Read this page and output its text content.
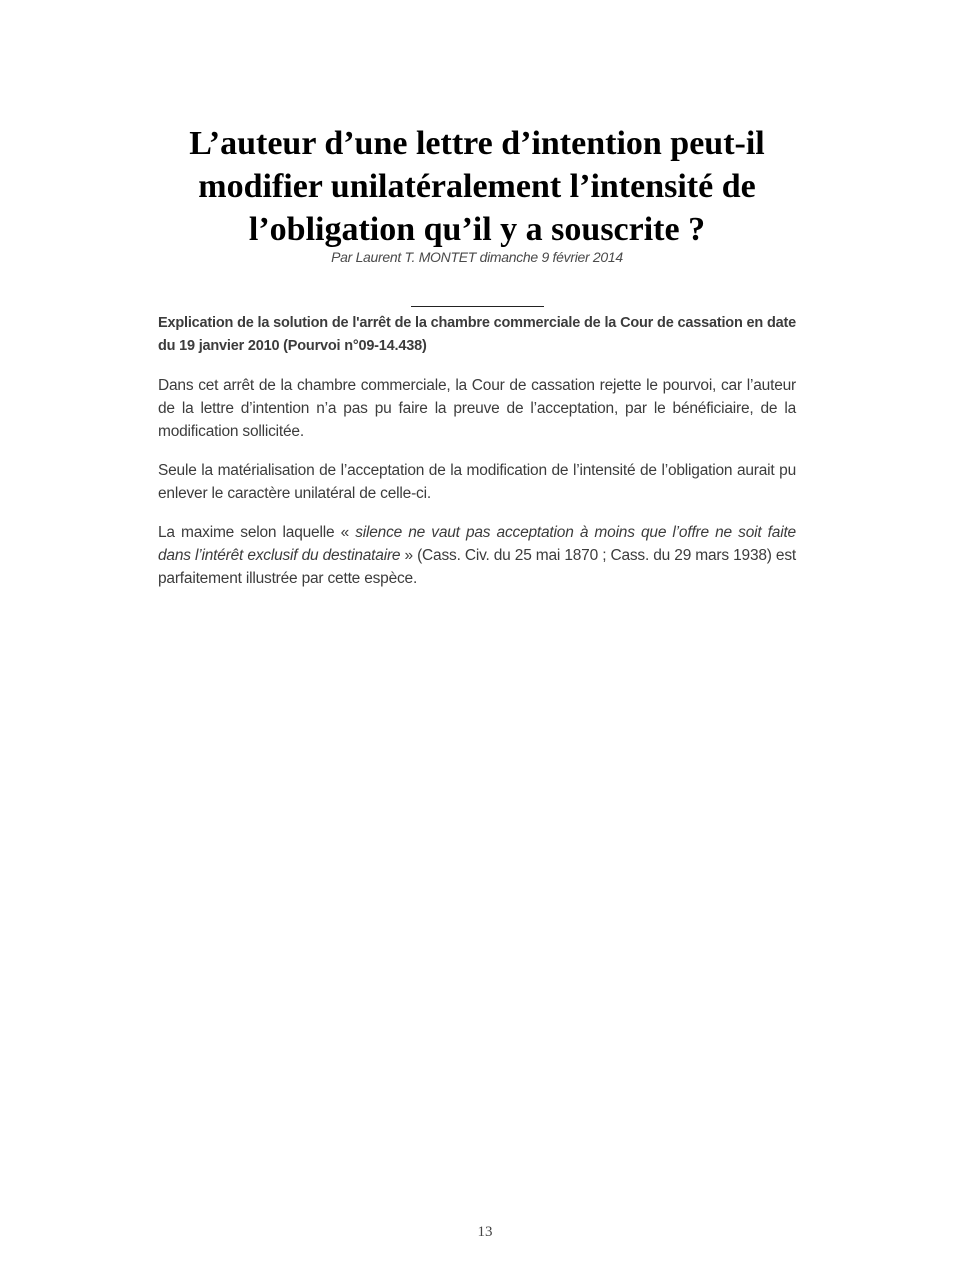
L’auteur d’une lettre d’intention peut-il modifier unilatéralement l’intensité de l’obligation qu’il y a souscrite ?

Par Laurent T. MONTET dimanche 9 février 2014

Explication de la solution de l'arrêt de la chambre commerciale de la Cour de cassation en date du 19 janvier 2010 (Pourvoi n°09-14.438)

Dans cet arrêt de la chambre commerciale, la Cour de cassation rejette le pourvoi, car l’auteur de la lettre d’intention n’a pas pu faire la preuve de l’acceptation, par le bénéficiaire, de la modification sollicitée.

Seule la matérialisation de l’acceptation de la modification de l’intensité de l’obligation aurait pu enlever le caractère unilatéral de celle-ci.

La maxime selon laquelle « silence ne vaut pas acceptation à moins que l’offre ne soit faite dans l’intérêt exclusif du destinataire » (Cass. Civ. du 25 mai 1870 ; Cass. du 29 mars 1938) est parfaitement illustrée par cette espèce.

13
